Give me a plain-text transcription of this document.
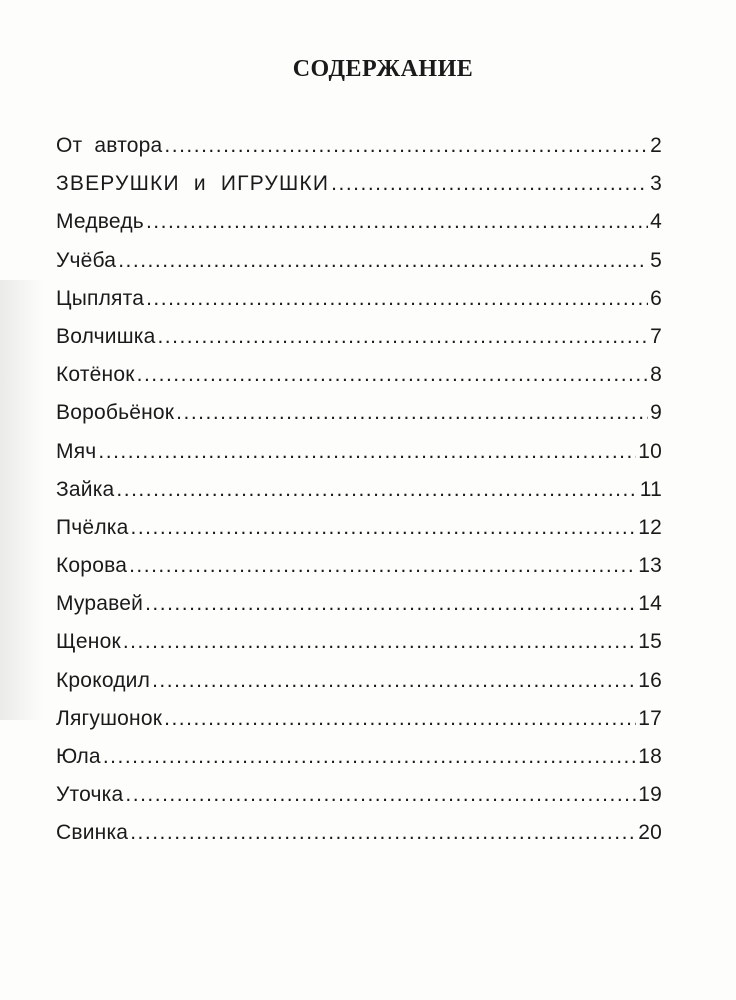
СОДЕРЖАНИЕ
От  автора .....	2
ЗВЕРУШКИ  и  ИГРУШКИ .....	3
Медведь .....	4
Учёба .....	5
Цыплята .....	6
Волчишка .....	7
Котёнок .....	8
Воробьёнок .....	9
Мяч .....	10
Зайка .....	11
Пчёлка .....	12
Корова .....	13
Муравей .....	14
Щенок .....	15
Крокодил .....	16
Лягушонок .....	17
Юла .....	18
Уточка .....	19
Свинка .....	20
